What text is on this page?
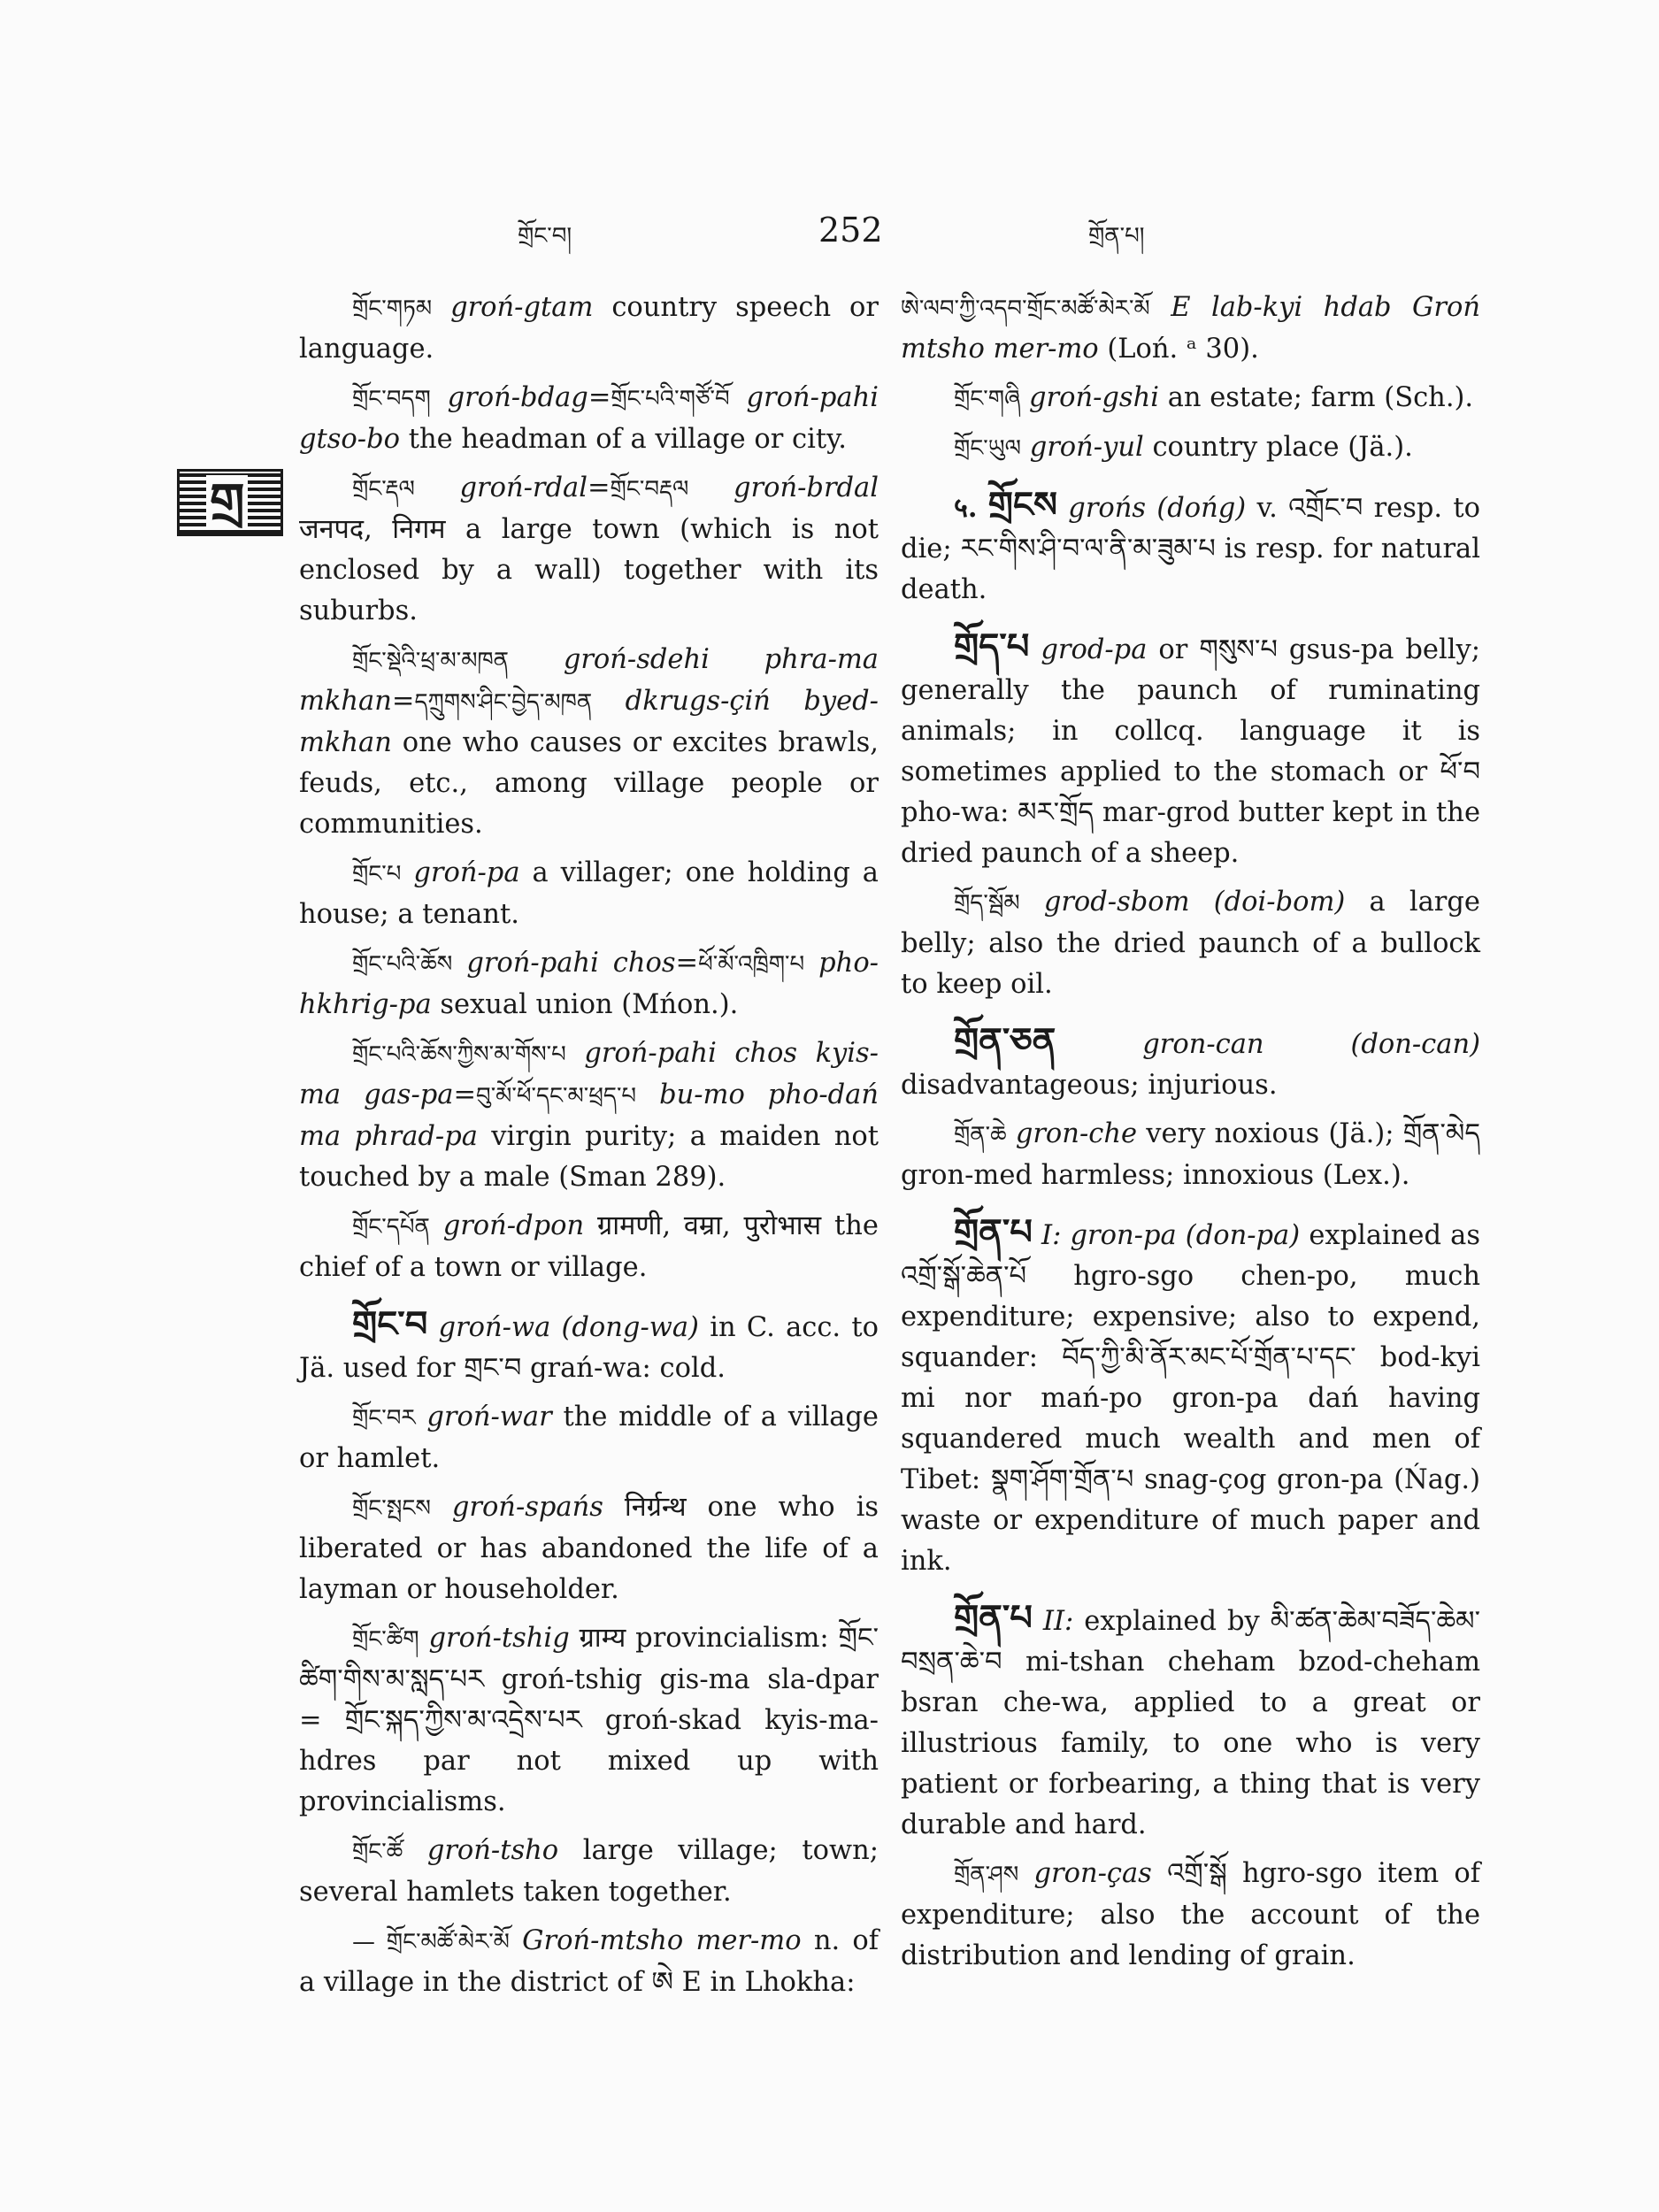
གྲོང་བ།	252	གྲོན་པ།
གྲ

གྲོང་གཏམ groń-gtam country speech or language.

གྲོང་བདག groń-bdag=གྲོང་པའི་གཙོ་བོ groń-pahi gtso-bo the headman of a village or city.

གྲོང་རྡལ groń-rdal=གྲོང་བརྡལ groń-brdal जनपद, निगम a large town (which is not enclosed by a wall) together with its suburbs.

གྲོང་སྡེའི་ཕྲ་མ་མཁན groń-sdehi phra-ma mkhan=དཀྲུགས་ཤིང་བྱེད་མཁན dkrugs-çiń byed-mkhan one who causes or excites brawls, feuds, etc., among village people or communities.

གྲོང་པ groń-pa a villager; one holding a house; a tenant.

གྲོང་པའི་ཆོས groń-pahi chos=ཕོ་མོ་འཁྲིག་པ pho-hkhrig-pa sexual union (Mńon.).

གྲོང་པའི་ཆོས་ཀྱིས་མ་གོས་པ groń-pahi chos kyis-ma gas-pa=བུ་མོ་ཕོ་དང་མ་ཕྲད་པ bu-mo pho-dań ma phrad-pa virgin purity; a maiden not touched by a male (Sman 289).

གྲོང་དཔོན groń-dpon ग्रामणी, वम्रा, पुरोभास the chief of a town or village.

གྲོང་བ groń-wa (dong-wa) in C. acc. to Jä. used for གྲང་བ grań-wa: cold.

གྲོང་བར groń-war the middle of a village or hamlet.

གྲོང་སྤངས groń-spańs निर्ग्रन्थ one who is liberated or has abandoned the life of a layman or householder.

གྲོང་ཚིག groń-tshig ग्राम्य provincialism: གྲོང་ཚིག་གིས་མ་སླད་པར groń-tshig gis-ma sla-dpar = གྲོང་སྐད་ཀྱིས་མ་འདྲེས་པར groń-skad kyis-ma-hdres par not mixed up with provincialisms.

གྲོང་ཚོ groń-tsho large village; town; several hamlets taken together.

— གྲོང་མཚོ་མེར་མོ Groń-mtsho mer-mo n. of a village in the district of ཨེ E in Lhokha:

ཨེ་ལབ་ཀྱི་འདབ་གྲོང་མཚོ་མེར་མོ E lab-kyi hdab Groń mtsho mer-mo (Loń. ᵃ 30).

གྲོང་གཞི groń-gshi an estate; farm (Sch.).

གྲོང་ཡུལ groń-yul country place (Jä.).

५. གྲོངས grońs (dońg) v. འགྲོང་བ resp. to die; རང་གིས་ཤི་བ་ལ་ནི་མ་ཟུམ་པ is resp. for natural death.

གྲོད་པ grod-pa or གསུས་པ gsus-pa belly; generally the paunch of ruminating animals; in collcq. language it is sometimes applied to the stomach or ཕོ་བ pho-wa: མར་གྲོད mar-grod butter kept in the dried paunch of a sheep.

གྲོད་སྦོམ grod-sbom (doi-bom) a large belly; also the dried paunch of a bullock to keep oil.

གྲོན་ཅན	gron-can (don-can) disadvantageous; injurious.

གྲོན་ཆེ gron-che very noxious (Jä.); གྲོན་མེད gron-med harmless; innoxious (Lex.).

གྲོན་པ I: gron-pa (don-pa) explained as འགྲོ་སྒོ་ཆེན་པོ hgro-sgo chen-po, much expenditure; expensive; also to expend, squander: བོད་ཀྱི་མི་ནོར་མང་པོ་གྲོན་པ་དང་ bod-kyi mi nor mań-po gron-pa dań having squandered much wealth and men of Tibet: སྣག་ཤོག་གྲོན་པ snag-çog gron-pa (Ńag.) waste or expenditure of much paper and ink.

གྲོན་པ II: explained by མི་ཚན་ཆེམ་བཟོད་ཆེམ་བསྲན་ཆེ་བ mi-tshan cheham bzod-cheham bsran che-wa, applied to a great or illustrious family, to one who is very patient or forbearing, a thing that is very durable and hard.

གྲོན་ཤས gron-ças འགྲོ་སྒོ hgro-sgo item of expenditure; also the account of the distribution and lending of grain.
